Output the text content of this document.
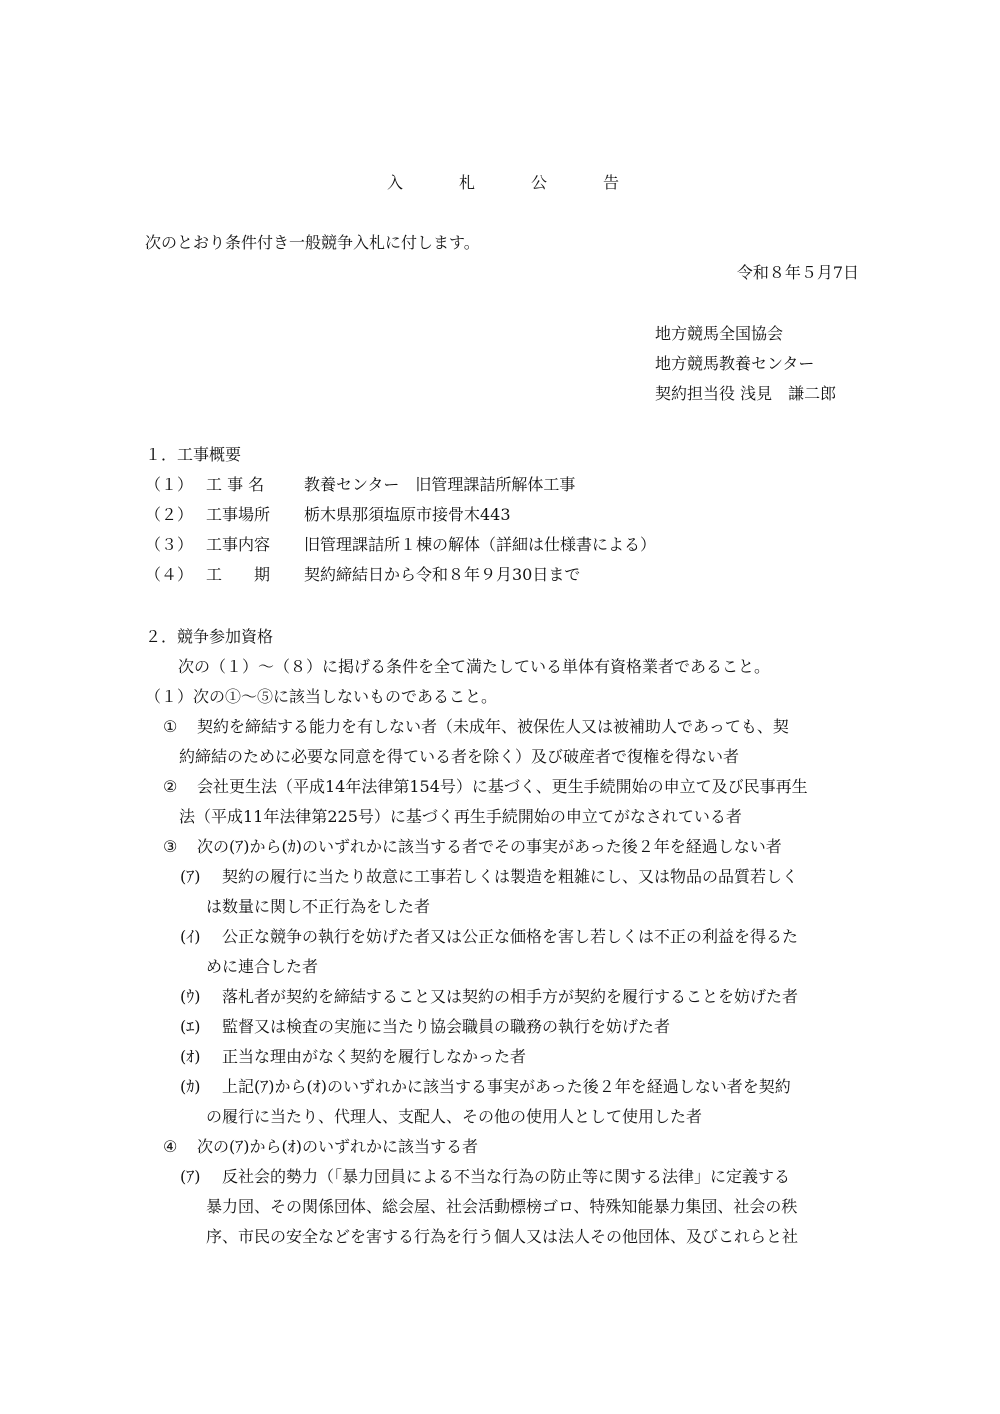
入	札	公	告
次のとおり条件付き一般競争入札に付します。
令和８年５月7日
地方競馬全国協会
地方競馬教養センター
契約担当役 浅見　謙二郎
１．工事概要
（１） 工 事 名 教養センター　旧管理課詰所解体工事
（２） 工事場所 栃木県那須塩原市接骨木443
（３） 工事内容 旧管理課詰所１棟の解体（詳細は仕様書による）
（４） 工　　期 契約締結日から令和８年９月30日まで
２．競争参加資格
次の（１）～（８）に掲げる条件を全て満たしている単体有資格業者であること。
（１）次の①～⑤に該当しないものであること。
① 契約を締結する能力を有しない者（未成年、被保佐人又は被補助人であっても、契
約締結のために必要な同意を得ている者を除く）及び破産者で復権を得ない者
② 会社更生法（平成14年法律第154号）に基づく、更生手続開始の申立て及び民事再生
法（平成11年法律第225号）に基づく再生手続開始の申立てがなされている者
③ 次の(ｱ)から(ｶ)のいずれかに該当する者でその事実があった後２年を経過しない者
(ｱ) 契約の履行に当たり故意に工事若しくは製造を粗雑にし、又は物品の品質若しく
は数量に関し不正行為をした者
(ｲ) 公正な競争の執行を妨げた者又は公正な価格を害し若しくは不正の利益を得るた
めに連合した者
(ｳ) 落札者が契約を締結すること又は契約の相手方が契約を履行することを妨げた者
(ｴ) 監督又は検査の実施に当たり協会職員の職務の執行を妨げた者
(ｵ) 正当な理由がなく契約を履行しなかった者
(ｶ) 上記(ｱ)から(ｵ)のいずれかに該当する事実があった後２年を経過しない者を契約
の履行に当たり、代理人、支配人、その他の使用人として使用した者
④ 次の(ｱ)から(ｵ)のいずれかに該当する者
(ｱ) 反社会的勢力（「暴力団員による不当な行為の防止等に関する法律」に定義する
暴力団、その関係団体、総会屋、社会活動標榜ゴロ、特殊知能暴力集団、社会の秩
序、市民の安全などを害する行為を行う個人又は法人その他団体、及びこれらと社
